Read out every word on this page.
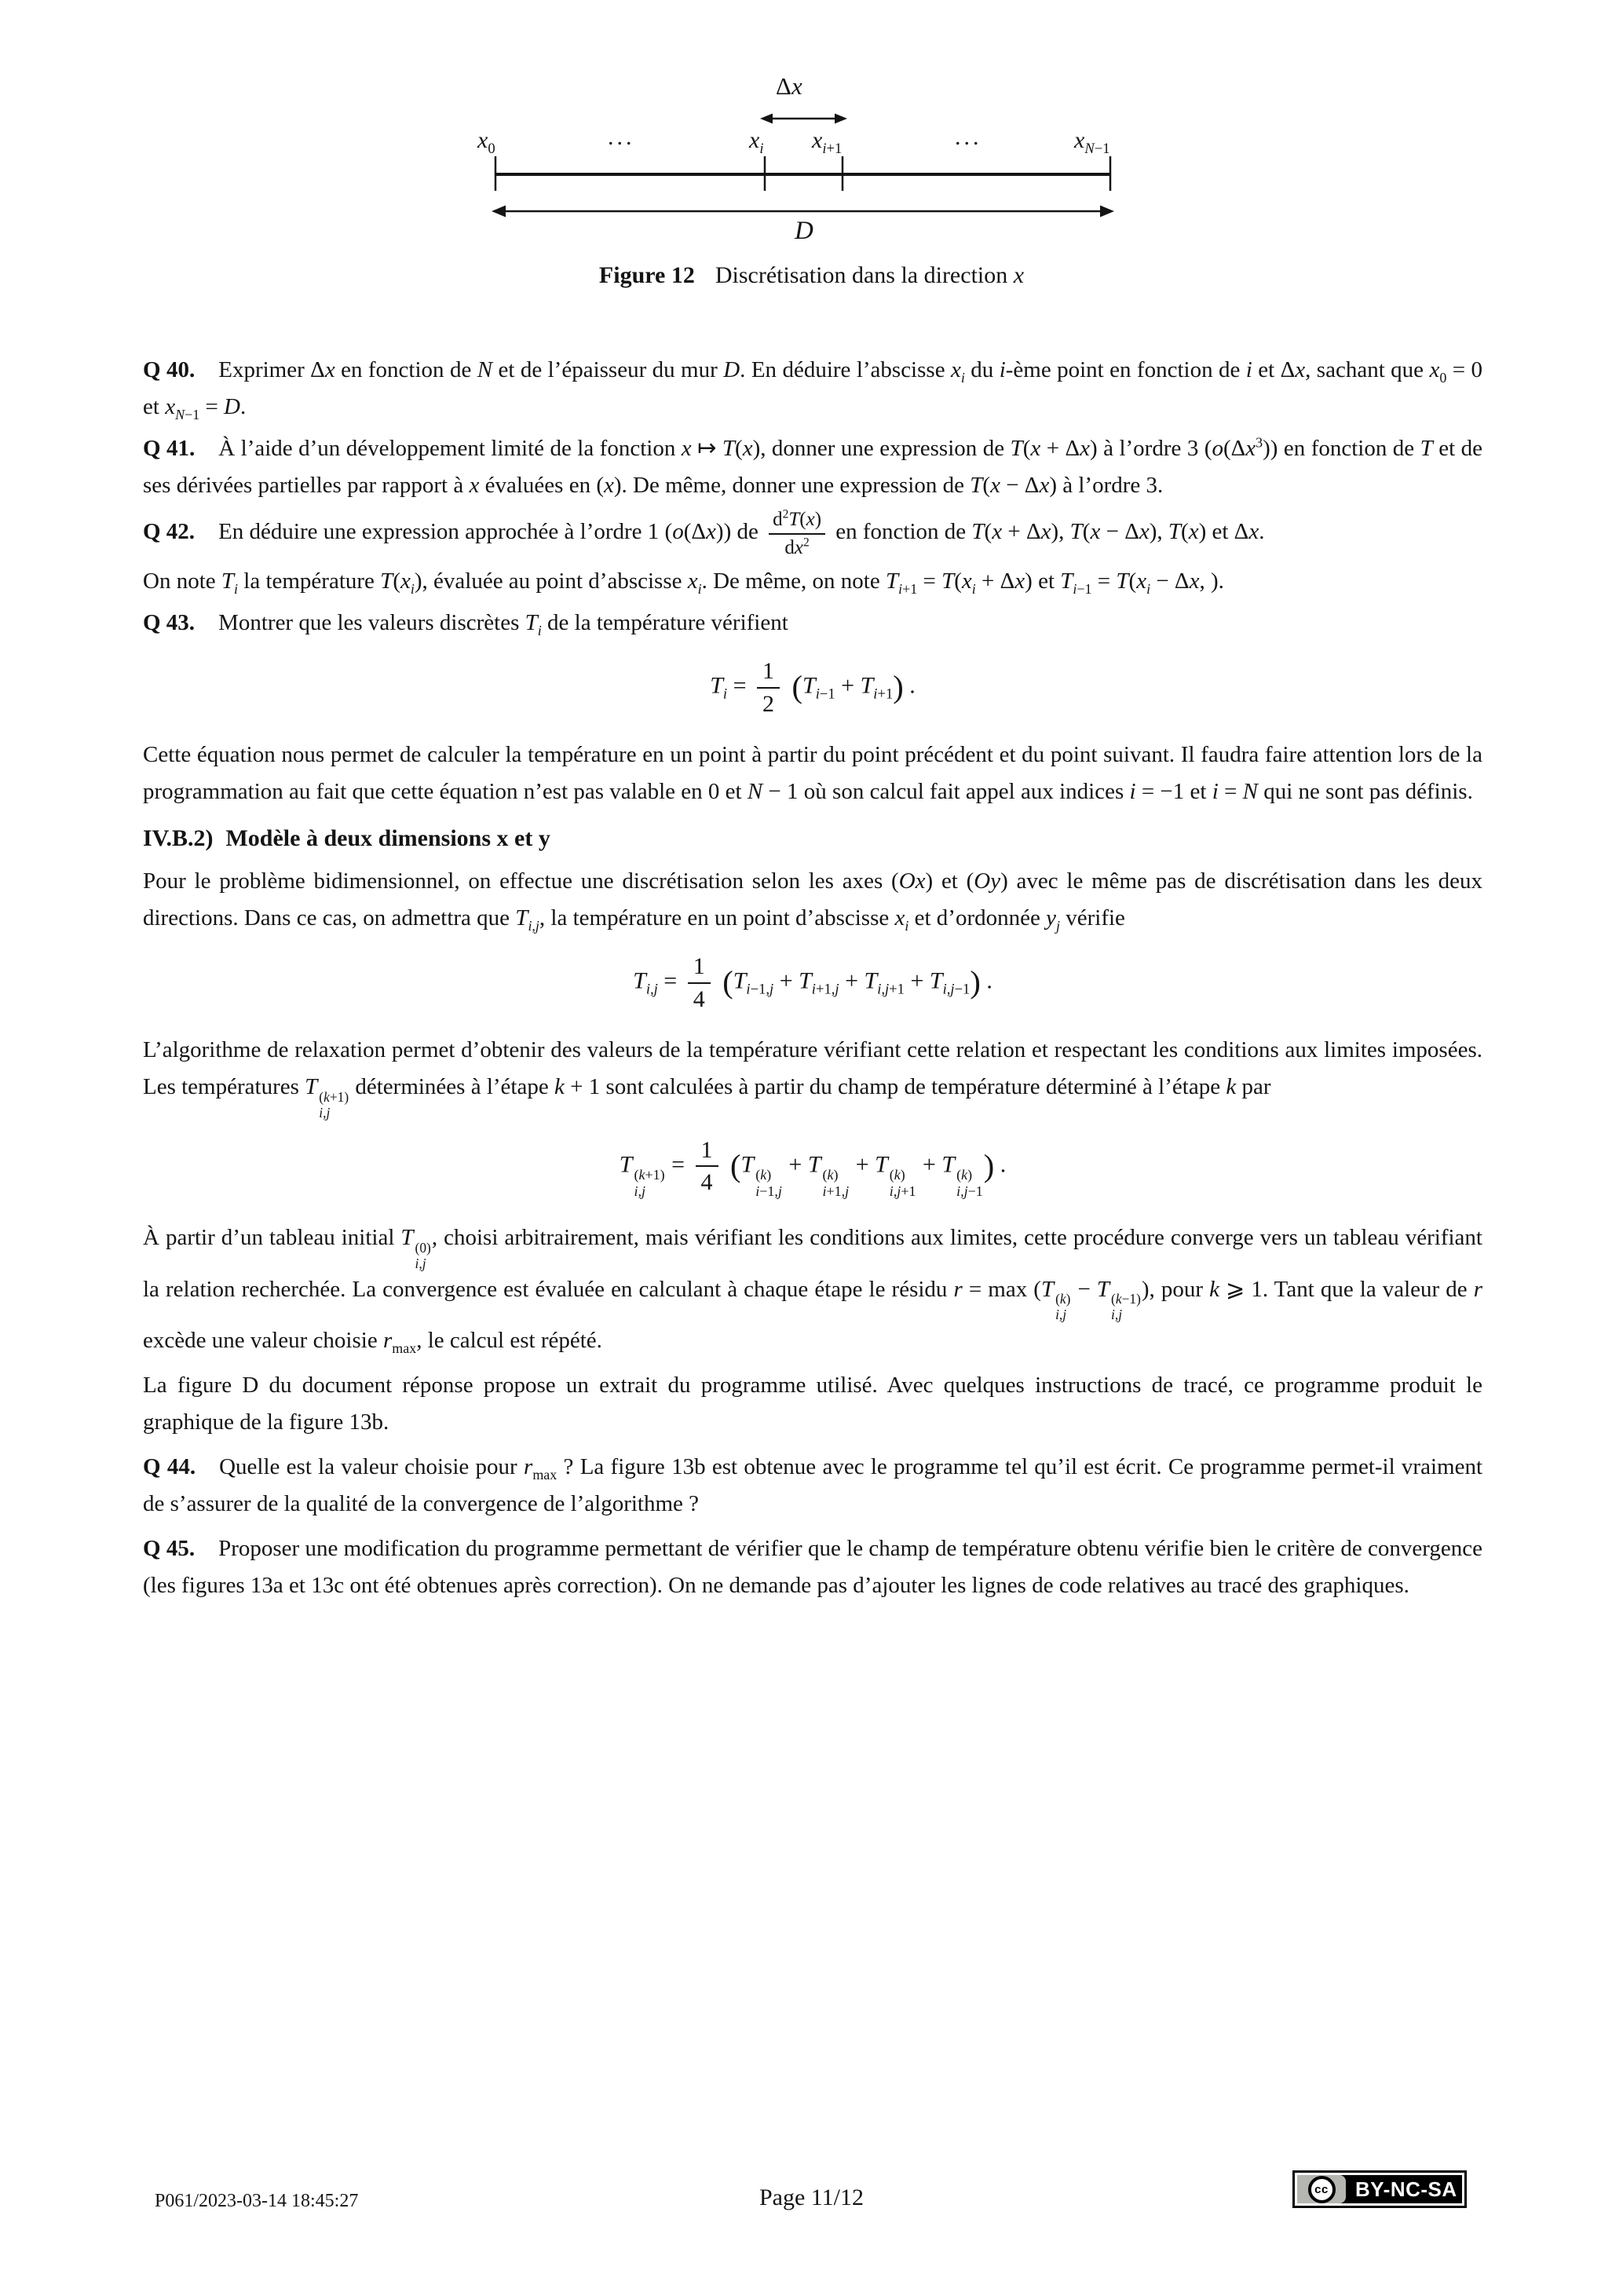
Δx
$x_0$	...	$x_i$ $x_{i+1}$	...	$x_{N-1}$
D
Figure 12 Discrétisation dans la direction x

Q 40. Exprimer Δx en fonction de N et de l’épaisseur du mur D. En déduire l’abscisse $x_i$ du i-ème point en fonction de i et Δx, sachant que $x_0 = 0$ et $x_{N-1} = D$.

Q 41. À l’aide d’un développement limité de la fonction x ↦ T(x), donner une expression de T(x + Δx) à l’ordre 3 $(o(\Delta x^3))$ en fonction de T et de ses dérivées partielles par rapport à x évaluées en (x). De même, donner une expression de T(x − Δx) à l’ordre 3.

Q 42. En déduire une expression approchée à l’ordre 1 (o(Δx)) de $\frac{d^2T(x)}{dx^2}$ en fonction de T(x + Δx), T(x − Δx), T(x) et Δx.

On note $T_i$ la température $T(x_i)$, évaluée au point d’abscisse $x_i$. De même, on note $T_{i+1} = T(x_i + \Delta x)$ et $T_{i-1} = T(x_i - \Delta x$, ).

Q 43. Montrer que les valeurs discrètes $T_i$ de la température vérifient

$T_i = \frac{1}{2} (T_{i-1} + T_{i+1})$ .

Cette équation nous permet de calculer la température en un point à partir du point précédent et du point suivant. Il faudra faire attention lors de la programmation au fait que cette équation n’est pas valable en 0 et N − 1 où son calcul fait appel aux indices i = −1 et i = N qui ne sont pas définis.

IV.B.2) Modèle à deux dimensions x et y

Pour le problème bidimensionnel, on effectue une discrétisation selon les axes (Ox) et (Oy) avec le même pas de discrétisation dans les deux directions. Dans ce cas, on admettra que $T_{i,j}$, la température en un point d’abscisse $x_i$ et d’ordonnée $y_j$ vérifie

$T_{i,j} = \frac{1}{4} (T_{i-1,j} + T_{i+1,j} + T_{i,j+1} + T_{i,j-1})$ .

L’algorithme de relaxation permet d’obtenir des valeurs de la température vérifiant cette relation et respectant les conditions aux limites imposées. Les températures T (k+1)
i,j
déterminées à l’étape k + 1 sont calculées à partir du champ de température déterminé à l’étape k par

T (k+1)
i,j
= $\frac{1}{4} (T$ (k)
i−1,j
+ T (k)
i+1,j
+ T (k)
i,j+1
+ T (k)
i,j−1
) .

À partir d’un tableau initial T (0)
i,j
, choisi arbitrairement, mais vérifiant les conditions aux limites, cette procédure converge vers un tableau vérifiant la relation recherchée. La convergence est évaluée en calculant à chaque étape le résidu r = max (T (k)
i,j
− T (k−1)
i,j
), pour k ⩾ 1. Tant que la valeur de r excède une valeur choisie $r_{max}$, le calcul est répété.

La figure D du document réponse propose un extrait du programme utilisé. Avec quelques instructions de tracé, ce programme produit le graphique de la figure 13b.

Q 44. Quelle est la valeur choisie pour $r_{max}$ ? La figure 13b est obtenue avec le programme tel qu’il est écrit. Ce programme permet-il vraiment de s’assurer de la qualité de la convergence de l’algorithme ?

Q 45. Proposer une modification du programme permettant de vérifier que le champ de température obtenu vérifie bien le critère de convergence (les figures 13a et 13c ont été obtenues après correction). On ne demande pas d’ajouter les lignes de code relatives au tracé des graphiques.

P061/2023-03-14 18:45:27	Page 11/12	cc	BY-NC-SA
